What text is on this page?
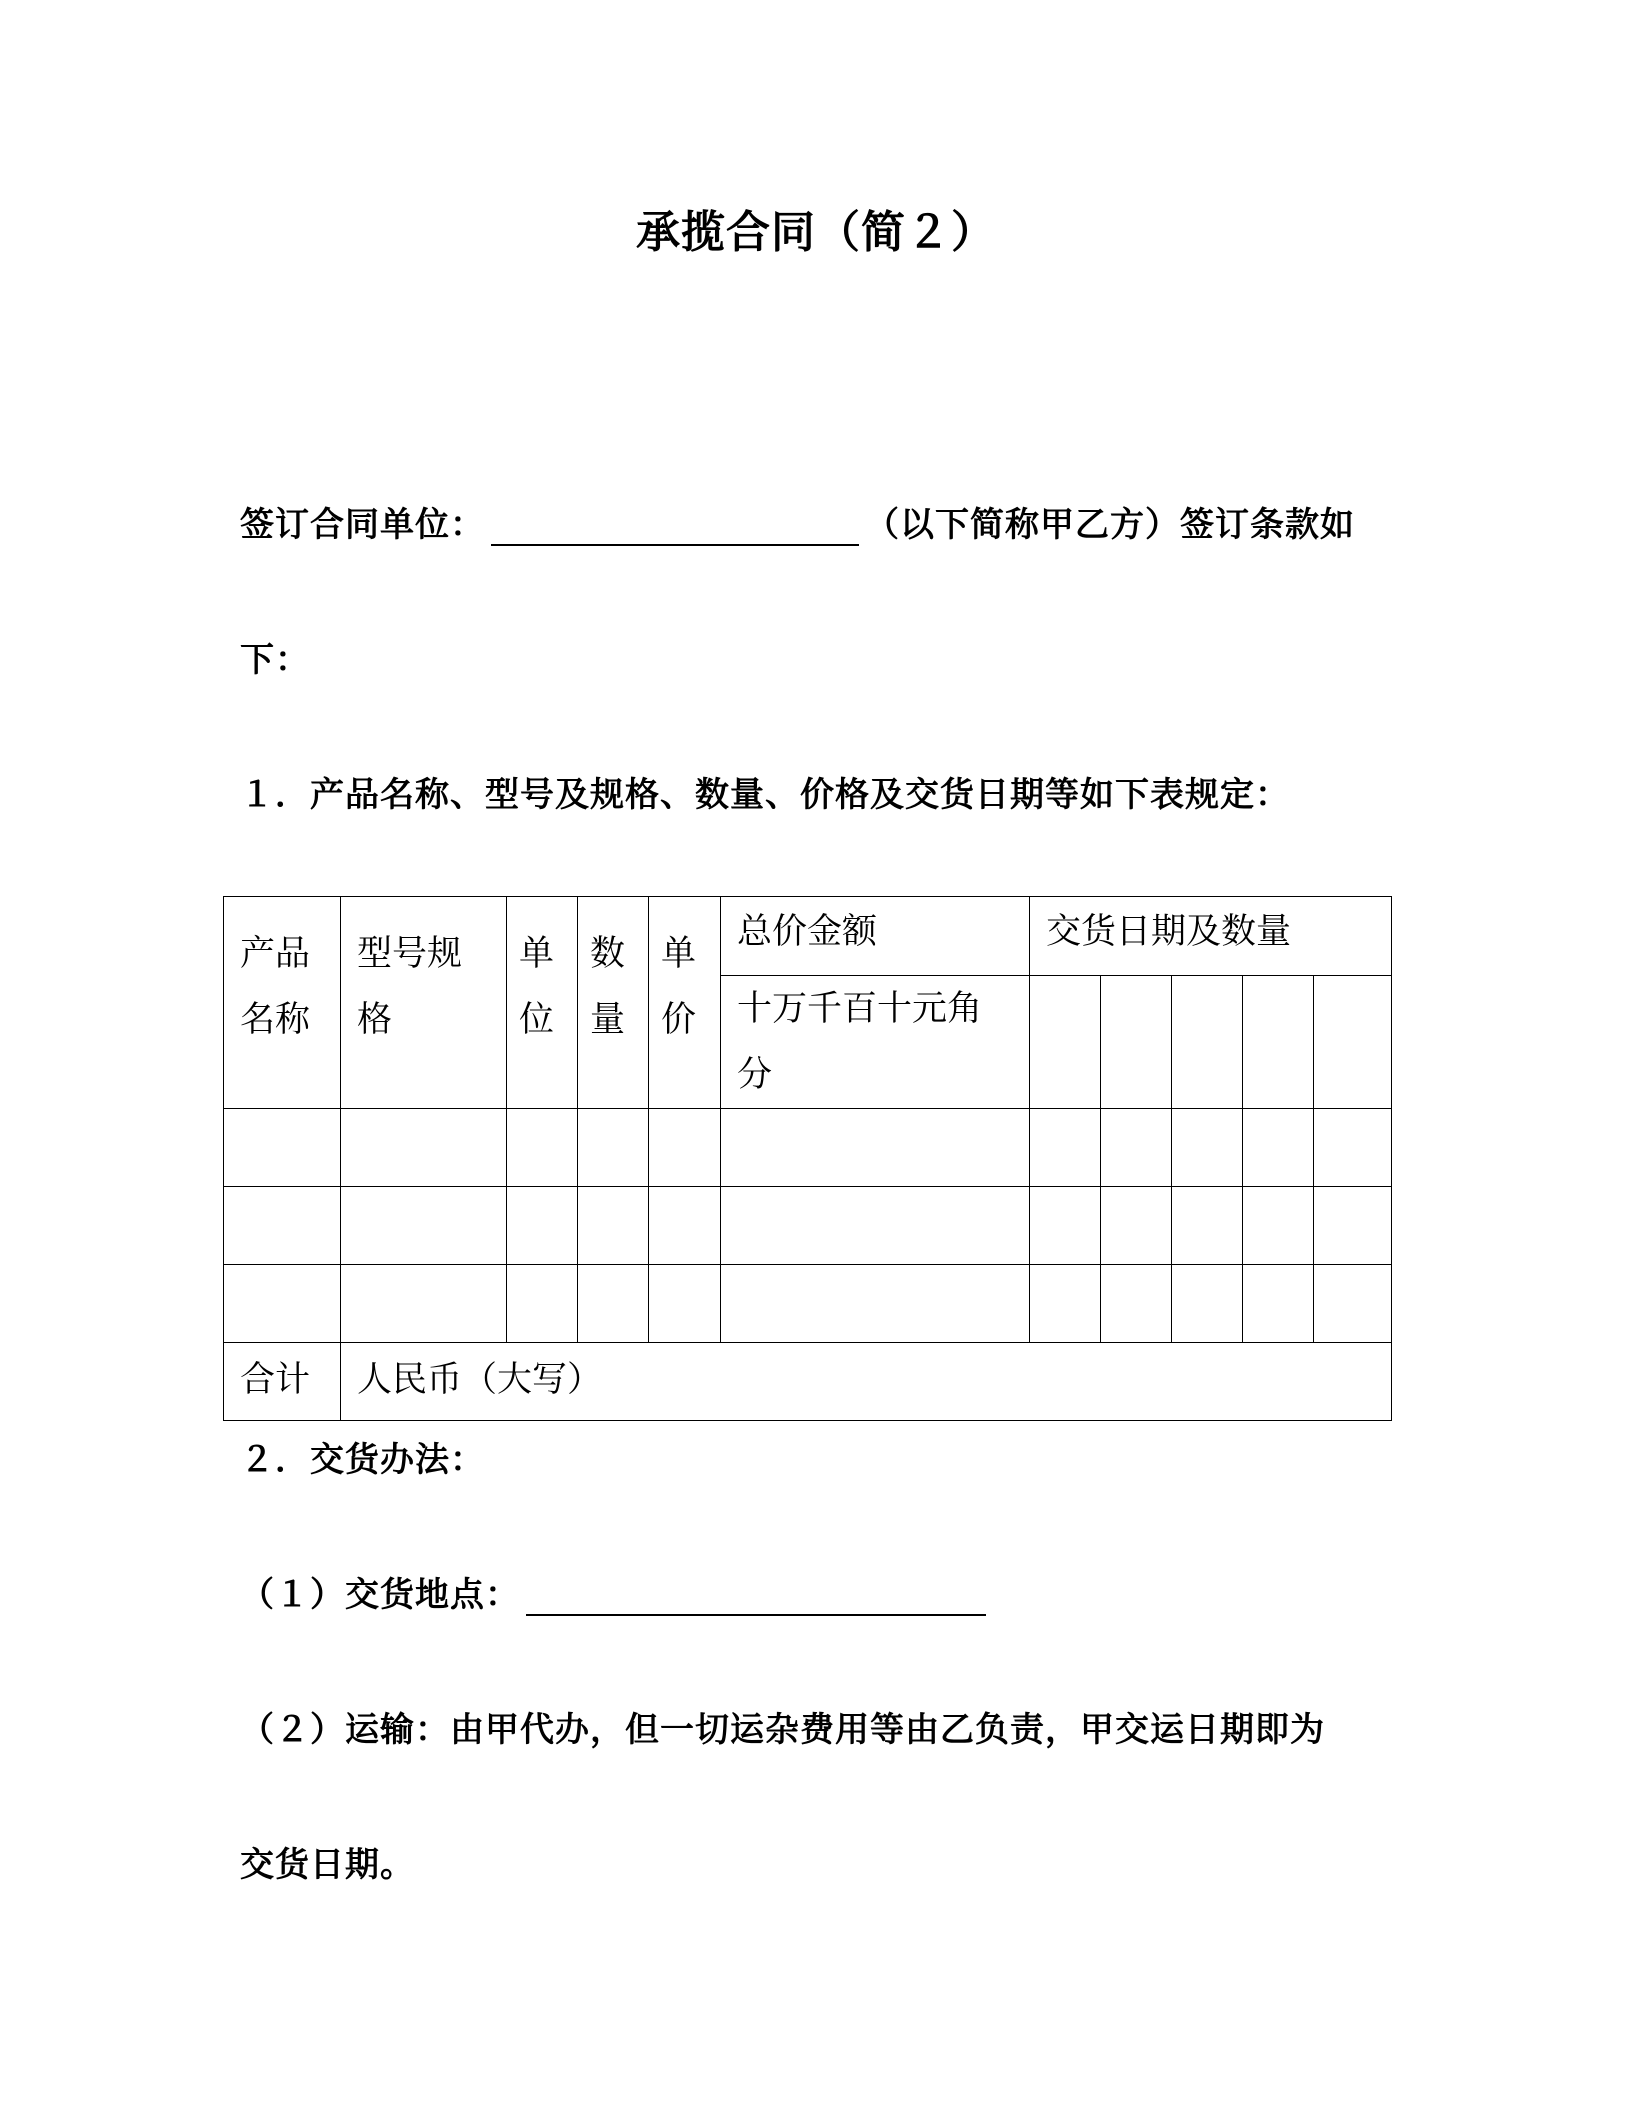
承揽合同（简２）
签订合同单位：	（以下简称甲乙方）签订条款如
下：
１．产品名称、型号及规格、数量、价格及交货日期等如下表规定：
产品名称	型号规格	单位	数量	单价	总价金额	交货日期及数量				

					十万千百十元角分					

合计	人民币（大写）									
２．交货办法：
（１）交货地点：
（２）运输：由甲代办，但一切运杂费用等由乙负责，甲交运日期即为
交货日期。
